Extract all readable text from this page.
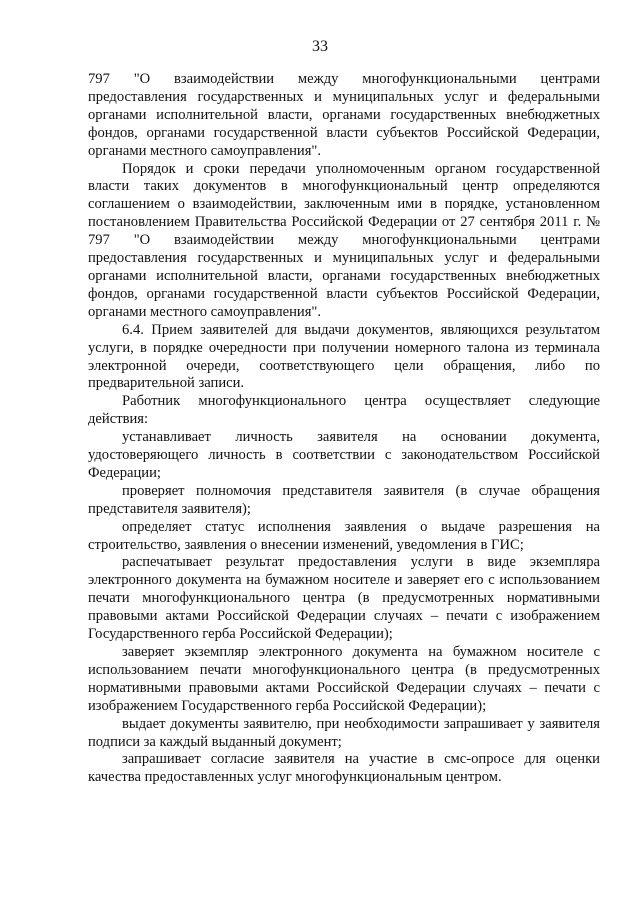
33

797 "О взаимодействии между многофункциональными центрами предоставления государственных и муниципальных услуг и федеральными органами исполнительной власти, органами государственных внебюджетных фондов, органами государственной власти субъектов Российской Федерации, органами местного самоуправления".

Порядок и сроки передачи уполномоченным органом государственной власти таких документов в многофункциональный центр определяются соглашением о взаимодействии, заключенным ими в порядке, установленном постановлением Правительства Российской Федерации от 27 сентября 2011 г. № 797 "О взаимодействии между многофункциональными центрами предоставления государственных и муниципальных услуг и федеральными органами исполнительной власти, органами государственных внебюджетных фондов, органами государственной власти субъектов Российской Федерации, органами местного самоуправления".

6.4. Прием заявителей для выдачи документов, являющихся результатом услуги, в порядке очередности при получении номерного талона из терминала электронной очереди, соответствующего цели обращения, либо по предварительной записи.

Работник многофункционального центра осуществляет следующие действия:

устанавливает личность заявителя на основании документа, удостоверяющего личность в соответствии с законодательством Российской Федерации;

проверяет полномочия представителя заявителя (в случае обращения представителя заявителя);

определяет статус исполнения заявления о выдаче разрешения на строительство, заявления о внесении изменений, уведомления в ГИС;

распечатывает результат предоставления услуги в виде экземпляра электронного документа на бумажном носителе и заверяет его с использованием печати многофункционального центра (в предусмотренных нормативными правовыми актами Российской Федерации случаях – печати с изображением Государственного герба Российской Федерации);

заверяет экземпляр электронного документа на бумажном носителе с использованием печати многофункционального центра (в предусмотренных нормативными правовыми актами Российской Федерации случаях – печати с изображением Государственного герба Российской Федерации);

выдает документы заявителю, при необходимости запрашивает у заявителя подписи за каждый выданный документ;

запрашивает согласие заявителя на участие в смс-опросе для оценки качества предоставленных услуг многофункциональным центром.
